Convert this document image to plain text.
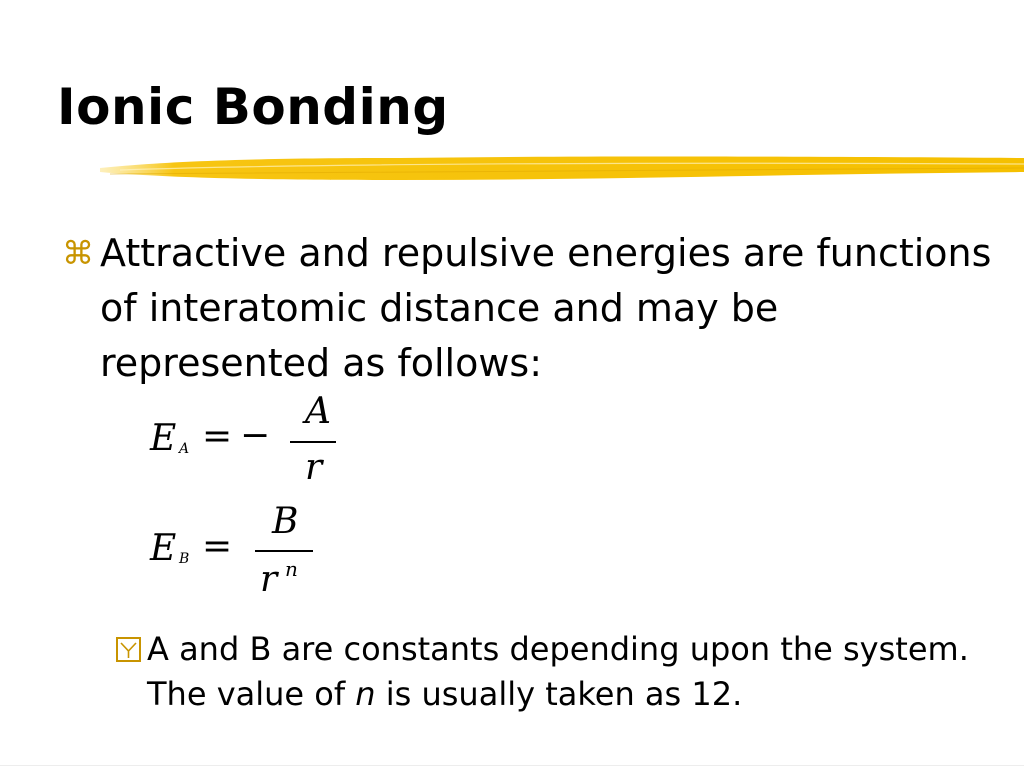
Ionic Bonding

⌘ Attractive and repulsive energies are functions of interatomic distance and may be represented as follows:

E A = −
A
r
E B =
B
r n

A and B are constants depending upon the system. The value of n is usually taken as 12.
